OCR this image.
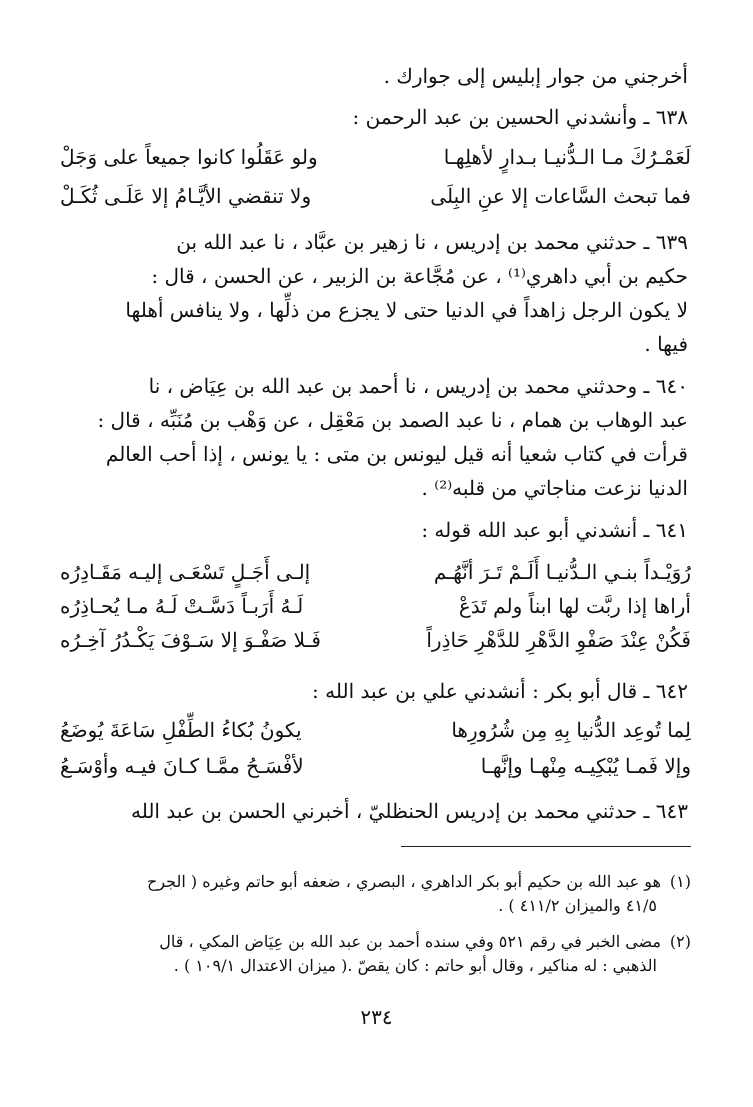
أخرجني من جوار إبليس إلى جوارك .
٦٣٨ ـ وأنشدني الحسين بن عبد الرحمن :
لَعَمْـرُكَ مـا الـدُّنيـا بـدارٍ لأهلِهـا
ولو عَقَلُوا كانوا جميعاً على وَجَلْ
فما تبحث السَّاعات إلا عنِ البِلَى
ولا تنقضي الأيَّـامُ إلا عَلَـى ثُكَـلْ
٦٣٩ ـ حدثني محمد بن إدريس ، نا زهير بن عبَّاد ، نا عبد الله بن
حكيم بن أبي داهري⁽¹⁾ ، عن مُجَّاعة بن الزبير ، عن الحسن ، قال :
لا يكون الرجل زاهداً في الدنيا حتى لا يجزع من ذلِّها ، ولا ينافس أهلها
فيها .
٦٤٠ ـ وحدثني محمد بن إدريس ، نا أحمد بن عبد الله بن عِيَاض ، نا
عبد الوهاب بن همام ، نا عبد الصمد بن مَعْقِل ، عن وَهْب بن مُنَبِّه ، قال :
قرأت في كتاب شعيا أنه قيل ليونس بن متى : يا يونس ، إذا أحب العالم
الدنيا نزعت مناجاتي من قلبه⁽²⁾ .
٦٤١ ـ أنشدني أبو عبد الله قوله :
رُوَيْـداً بنـي الـدُّنيـا أَلَـمْ تَـرَ أنَّهُـم
إلـى أَجَـلٍ تَسْعَـى إليـه مَقَـادِرُه
أراها إذا ربَّت لها ابناً ولم تَدَعْ
لَـهُ أَرَبـاً دَسَّـتْ لَـهُ مـا يُحـاذِرُه
فَكُنْ عِنْدَ صَفْوِ الدَّهْرِ للدَّهْرِ حَاذِراً
فَـلا صَفْـوَ إلا سَـوْفَ يَكْـدُرُ آخِـرُه
٦٤٢ ـ قال أبو بكر : أنشدني علي بن عبد الله :
لِما تُوعِد الدُّنيا بِهِ مِن شُرُورِها
يكونُ بُكاءُ الطِّفْلِ سَاعَةَ يُوضَعُ
وإلا فَمـا يُبْكِيـه مِنْهـا وإنَّهـا
لأفْسَـحُ ممَّـا كـانَ فيـه وأوْسَـعُ
٦٤٣ ـ حدثني محمد بن إدريس الحنظليّ ، أخبرني الحسن بن عبد الله
(١)هو عبد الله بن حكيم أبو بكر الداهري ، البصري ، ضعفه أبو حاتم وغيره ( الجرح
٤١/٥ والميزان ٤١١/٢ ) .
(٢)مضى الخبر في رقم ٥٢١ وفي سنده أحمد بن عبد الله بن عِيَاض المكي ، قال
الذهبي : له مناكير ، وقال أبو حاتم : كان يقصّ .( ميزان الاعتدال ١٠٩/١ ) .
٢٣٤
